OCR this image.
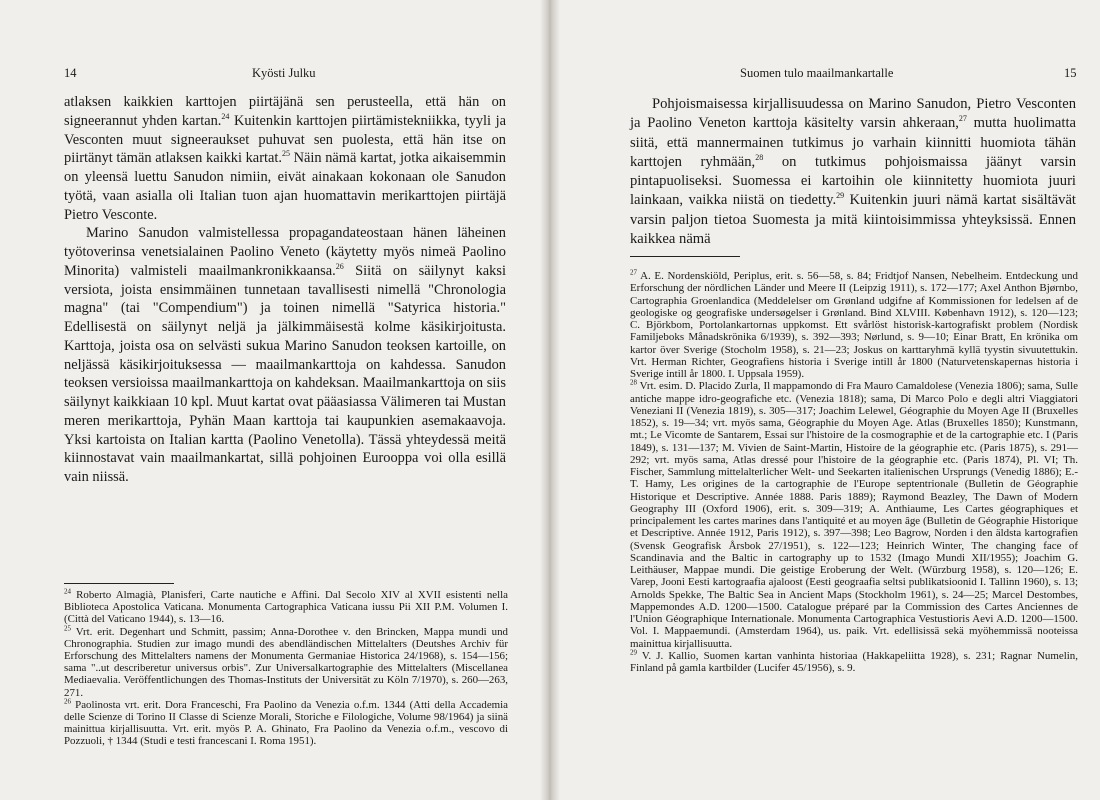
14	Kyösti Julku

atlaksen kaikkien karttojen piirtäjänä sen perusteella, että hän on signeerannut yhden kartan.$^{24}$ Kuitenkin karttojen piirtämistekniikka, tyyli ja Vesconten muut signeeraukset puhuvat sen puolesta, että hän itse on piirtänyt tämän atlaksen kaikki kartat.$^{25}$ Näin nämä kartat, jotka aikaisemmin on yleensä luettu Sanudon nimiin, eivät ainakaan kokonaan ole Sanudon työtä, vaan asialla oli Italian tuon ajan huomattavin merikarttojen piirtäjä Pietro Vesconte.

Marino Sanudon valmistellessa propagandateostaan hänen läheinen työtoverinsa venetsialainen Paolino Veneto (käytetty myös nimeä Paolino Minorita) valmisteli maailmankronikkaansa.$^{26}$ Siitä on säilynyt kaksi versiota, joista ensimmäinen tunnetaan tavallisesti nimellä "Chronologia magna" (tai "Compendium") ja toinen nimellä "Satyrica historia." Edellisestä on säilynyt neljä ja jälkimmäisestä kolme käsikirjoitusta. Karttoja, joista osa on selvästi sukua Marino Sanudon teoksen kartoille, on neljässä käsikirjoituksessa — maailmankarttoja on kahdessa. Sanudon teoksen versioissa maailmankarttoja on kahdeksan. Maailmankarttoja on siis säilynyt kaikkiaan 10 kpl. Muut kartat ovat pääasiassa Välimeren tai Mustan meren merikarttoja, Pyhän Maan karttoja tai kaupunkien asemakaavoja. Yksi kartoista on Italian kartta (Paolino Venetolla). Tässä yhteydessä meitä kiinnostavat vain maailmankartat, sillä pohjoinen Eurooppa voi olla esillä vain niissä.

$^{24}$ Roberto Almagià, Planisferi, Carte nautiche e Affini. Dal Secolo XIV al XVII esistenti nella Biblioteca Apostolica Vaticana. Monumenta Cartographica Vaticana iussu Pii XII P.M. Volumen I. (Città del Vaticano 1944), s. 13—16.

$^{25}$ Vrt. erit. Degenhart und Schmitt, passim; Anna-Dorothee v. den Brincken, Mappa mundi und Chronographia. Studien zur imago mundi des abendländischen Mittelalters (Deutshes Archiv für Erforschung des Mittelalters namens der Monumenta Germaniae Historica 24/1968), s. 154—156; sama "..ut describeretur universus orbis". Zur Universalkartographie des Mittelalters (Miscellanea Mediaevalia. Veröffentlichungen des Thomas-Instituts der Universität zu Köln 7/1970), s. 260—263, 271.

$^{26}$ Paolinosta vrt. erit. Dora Franceschi, Fra Paolino da Venezia o.f.m. 1344 (Atti della Accademia delle Scienze di Torino II Classe di Scienze Morali, Storiche e Filologiche, Volume 98/1964) ja siinä mainittua kirjallisuutta. Vrt. erit. myös P. A. Ghinato, Fra Paolino da Venezia o.f.m., vescovo di Pozzuoli, † 1344 (Studi e testi francescani I. Roma 1951).

Suomen tulo maailmankartalle	15

Pohjoismaisessa kirjallisuudessa on Marino Sanudon, Pietro Vesconten ja Paolino Veneton karttoja käsitelty varsin ahkeraan,$^{27}$ mutta huolimatta siitä, että mannermainen tutkimus jo varhain kiinnitti huomiota tähän karttojen ryhmään,$^{28}$ on tutkimus pohjoismaissa jäänyt varsin pintapuoliseksi. Suomessa ei kartoihin ole kiinnitetty huomiota juuri lainkaan, vaikka niistä on tiedetty.$^{29}$ Kuitenkin juuri nämä kartat sisältävät varsin paljon tietoa Suomesta ja mitä kiintoisimmissa yhteyksissä. Ennen kaikkea nämä

$^{27}$ A. E. Nordenskiöld, Periplus, erit. s. 56—58, s. 84; Fridtjof Nansen, Nebelheim. Entdeckung und Erforschung der nördlichen Länder und Meere II (Leipzig 1911), s. 172—177; Axel Anthon Bjørnbo, Cartographia Groenlandica (Meddelelser om Grønland udgifne af Kommissionen for ledelsen af de geologiske og geografiske undersøgelser i Grønland. Bind XLVIII. København 1912), s. 120—123; C. Björkbom, Portolankartornas uppkomst. Ett svårlöst historisk-kartografiskt problem (Nordisk Familjeboks Månadskrönika 6/1939), s. 392—393; Nørlund, s. 9—10; Einar Bratt, En krönika om kartor över Sverige (Stocholm 1958), s. 21—23; Joskus on karttaryhmä kyllä tyystin sivuutettukin. Vrt. Herman Richter, Geografiens historia i Sverige intill år 1800 (Naturvetenskapernas historia i Sverige intill år 1800. I. Uppsala 1959).

$^{28}$ Vrt. esim. D. Placido Zurla, Il mappamondo di Fra Mauro Camaldolese (Venezia 1806); sama, Sulle antiche mappe idro-geografiche etc. (Venezia 1818); sama, Di Marco Polo e degli altri Viaggiatori Veneziani II (Venezia 1819), s. 305—317; Joachim Lelewel, Géographie du Moyen Age II (Bruxelles 1852), s. 19—34; vrt. myös sama, Géographie du Moyen Age. Atlas (Bruxelles 1850); Kunstmann, mt.; Le Vicomte de Santarem, Essai sur l'histoire de la cosmographie et de la cartographie etc. I (Paris 1849), s. 131—137; M. Vivien de Saint-Martin, Histoire de la géographie etc. (Paris 1875), s. 291—292; vrt. myös sama, Atlas dressé pour l'histoire de la géographie etc. (Paris 1874), Pl. VI; Th. Fischer, Sammlung mittelalterlicher Welt- und Seekarten italienischen Ursprungs (Venedig 1886); E.-T. Hamy, Les origines de la cartographie de l'Europe septentrionale (Bulletin de Géographie Historique et Descriptive. Année 1888. Paris 1889); Raymond Beazley, The Dawn of Modern Geography III (Oxford 1906), erit. s. 309—319; A. Anthiaume, Les Cartes géographiques et principalement les cartes marines dans l'antiquité et au moyen âge (Bulletin de Géographie Historique et Descriptive. Année 1912, Paris 1912), s. 397—398; Leo Bagrow, Norden i den äldsta kartografien (Svensk Geografisk Årsbok 27/1951), s. 122—123; Heinrich Winter, The changing face of Scandinavia and the Baltic in cartography up to 1532 (Imago Mundi XII/1955); Joachim G. Leithäuser, Mappae mundi. Die geistige Eroberung der Welt. (Würzburg 1958), s. 120—126; E. Varep, Jooni Eesti kartograafia ajaloost (Eesti geograafia seltsi publikatsioonid I. Tallinn 1960), s. 13; Arnolds Spekke, The Baltic Sea in Ancient Maps (Stockholm 1961), s. 24—25; Marcel Destombes, Mappemondes A.D. 1200—1500. Catalogue préparé par la Commission des Cartes Anciennes de l'Union Géographique Internationale. Monumenta Cartographica Vestustioris Aevi A.D. 1200—1500. Vol. I. Mappaemundi. (Amsterdam 1964), us. paik. Vrt. edellisissä sekä myöhemmissä nooteissa mainittua kirjallisuutta.

$^{29}$ V. J. Kallio, Suomen kartan vanhinta historiaa (Hakkapeliitta 1928), s. 231; Ragnar Numelin, Finland på gamla kartbilder (Lucifer 45/1956), s. 9.
